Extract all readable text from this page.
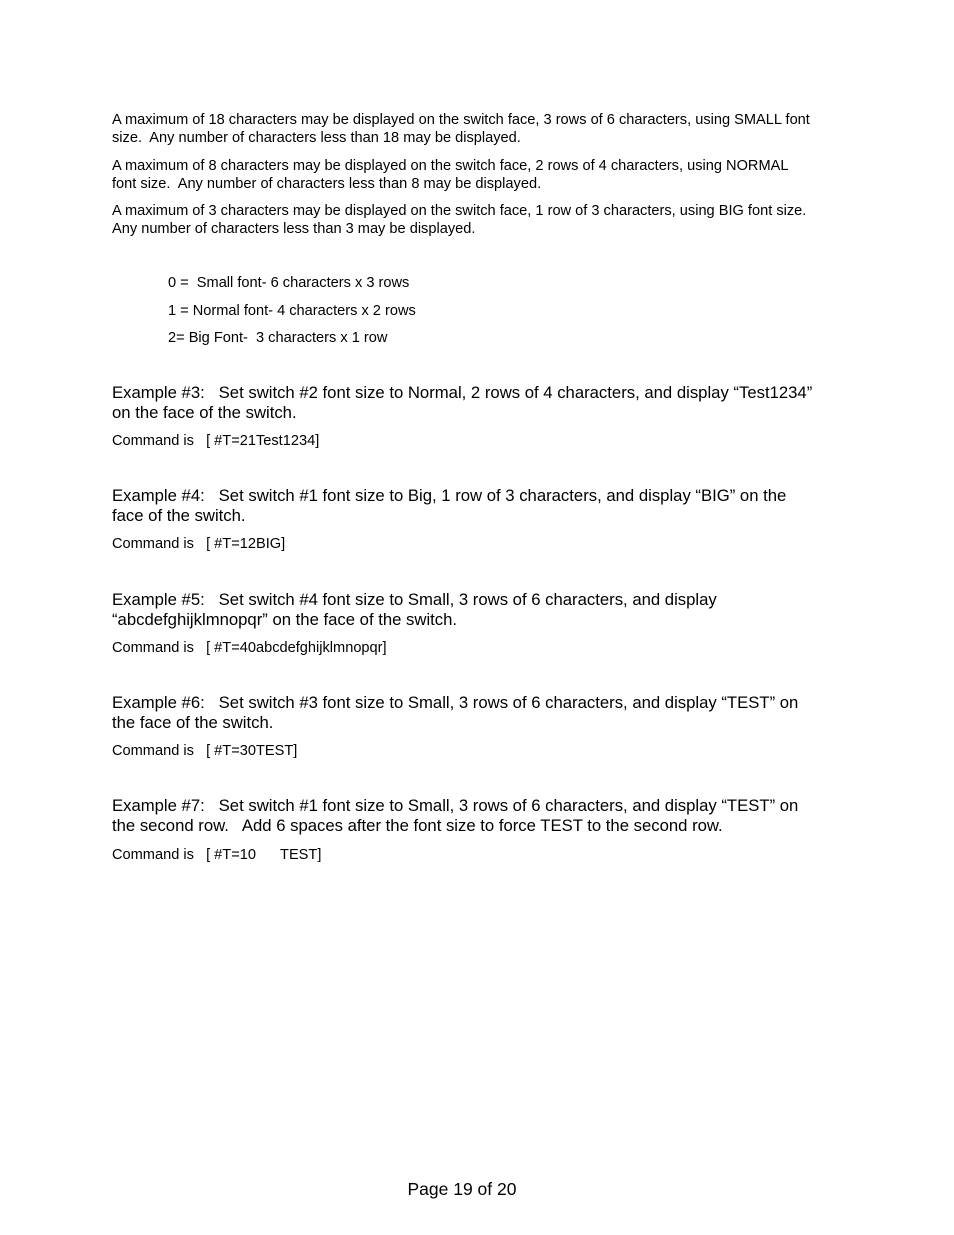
A maximum of 18 characters may be displayed on the switch face, 3 rows of 6 characters, using SMALL font size.  Any number of characters less than 18 may be displayed.

A maximum of 8 characters may be displayed on the switch face, 2 rows of 4 characters, using NORMAL font size.  Any number of characters less than 8 may be displayed.

A maximum of 3 characters may be displayed on the switch face, 1 row of 3 characters, using BIG font size.    Any number of characters less than 3 may be displayed.

0 =  Small font- 6 characters x 3 rows

1 = Normal font- 4 characters x 2 rows

2= Big Font-  3 characters x 1 row

Example #3:   Set switch #2 font size to Normal, 2 rows of 4 characters, and display “Test1234” on the face of the switch.

Command is   [ #T=21Test1234]

Example #4:   Set switch #1 font size to Big, 1 row of 3 characters, and display “BIG” on the face of the switch.

Command is   [ #T=12BIG]

Example #5:   Set switch #4 font size to Small, 3 rows of 6 characters, and display “abcdefghijklmnopqr” on the face of the switch.

Command is   [ #T=40abcdefghijklmnopqr]

Example #6:   Set switch #3 font size to Small, 3 rows of 6 characters, and display “TEST” on the face of the switch.

Command is   [ #T=30TEST]

Example #7:   Set switch #1 font size to Small, 3 rows of 6 characters, and display “TEST” on the second row.   Add 6 spaces after the font size to force TEST to the second row.

Command is   [ #T=10      TEST]

Page 19 of 20
